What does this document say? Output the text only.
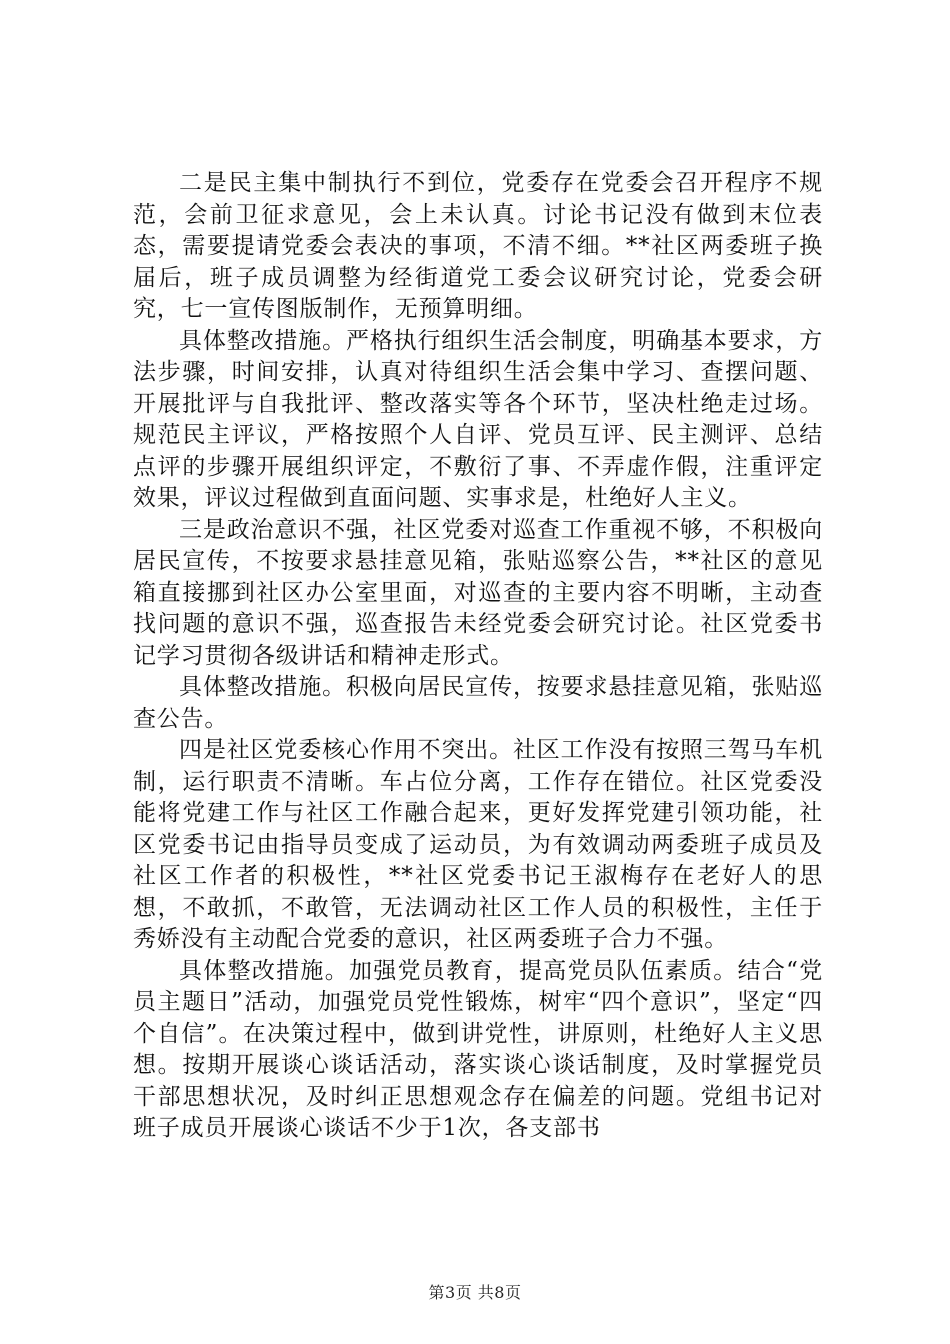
二是民主集中制执行不到位，党委存在党委会召开程序不规范，会前卫征求意见，会上未认真。讨论书记没有做到末位表态，需要提请党委会表决的事项，不清不细。**社区两委班子换届后，班子成员调整为经街道党工委会议研究讨论，党委会研究，七一宣传图版制作，无预算明细。

具体整改措施。严格执行组织生活会制度，明确基本要求，方法步骤，时间安排，认真对待组织生活会集中学习、查摆问题、开展批评与自我批评、整改落实等各个环节，坚决杜绝走过场。规范民主评议，严格按照个人自评、党员互评、民主测评、总结点评的步骤开展组织评定，不敷衍了事、不弄虚作假，注重评定效果，评议过程做到直面问题、实事求是，杜绝好人主义。

三是政治意识不强，社区党委对巡查工作重视不够，不积极向居民宣传，不按要求悬挂意见箱，张贴巡察公告，**社区的意见箱直接挪到社区办公室里面，对巡查的主要内容不明晰，主动查找问题的意识不强，巡查报告未经党委会研究讨论。社区党委书记学习贯彻各级讲话和精神走形式。

具体整改措施。积极向居民宣传，按要求悬挂意见箱，张贴巡查公告。

四是社区党委核心作用不突出。社区工作没有按照三驾马车机制，运行职责不清晰。车占位分离，工作存在错位。社区党委没能将党建工作与社区工作融合起来，更好发挥党建引领功能，社区党委书记由指导员变成了运动员，为有效调动两委班子成员及社区工作者的积极性，**社区党委书记王淑梅存在老好人的思想，不敢抓，不敢管，无法调动社区工作人员的积极性，主任于秀娇没有主动配合党委的意识，社区两委班子合力不强。

具体整改措施。加强党员教育，提高党员队伍素质。结合“党员主题日”活动，加强党员党性锻炼，树牢“四个意识”，坚定“四个自信”。在决策过程中，做到讲党性，讲原则，杜绝好人主义思想。按期开展谈心谈话活动，落实谈心谈话制度，及时掌握党员干部思想状况，及时纠正思想观念存在偏差的问题。党组书记对班子成员开展谈心谈话不少于1次，各支部书

第3页 共8页
